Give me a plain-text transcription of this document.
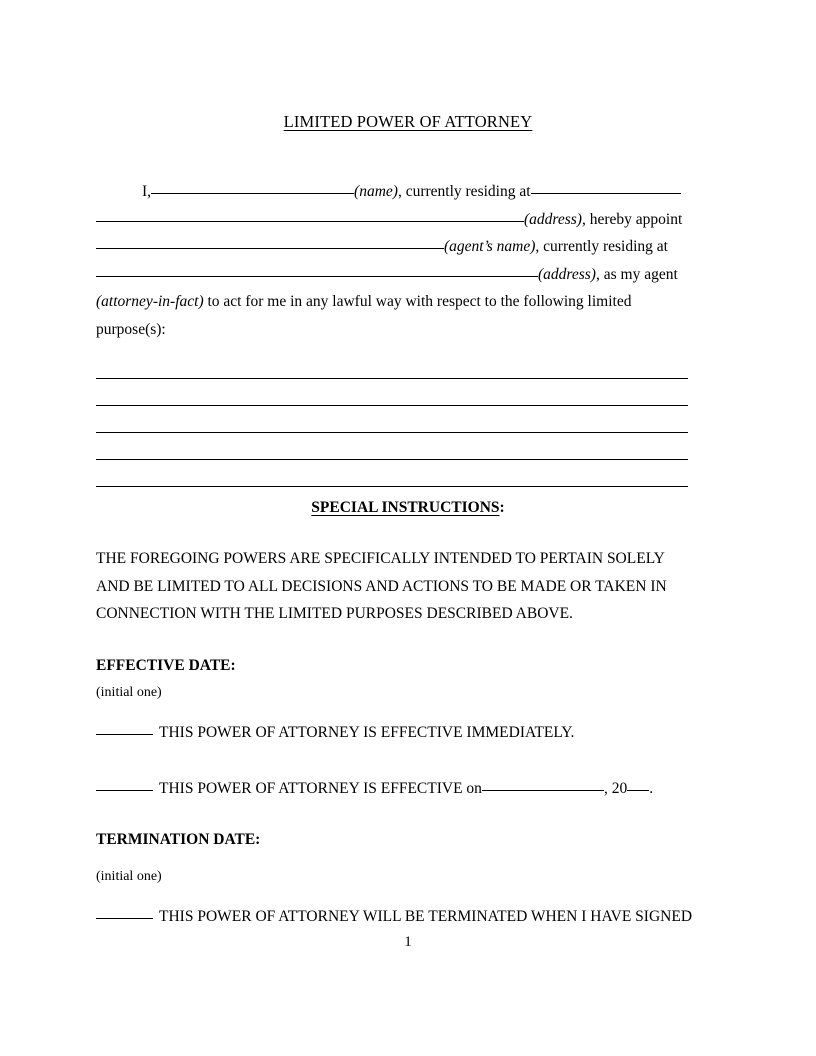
LIMITED POWER OF ATTORNEY
I,	(name), currently residing at
(address), hereby appoint
(agent’s name), currently residing at
(address), as my agent
(attorney-in-fact) to act for me in any lawful way with respect to the following limited
purpose(s):
SPECIAL INSTRUCTIONS:
THE FOREGOING POWERS ARE SPECIFICALLY INTENDED TO PERTAIN SOLELY
AND BE LIMITED TO ALL DECISIONS AND ACTIONS TO BE MADE OR TAKEN IN
CONNECTION WITH THE LIMITED PURPOSES DESCRIBED ABOVE.
EFFECTIVE DATE:
(initial one)
THIS POWER OF ATTORNEY IS EFFECTIVE IMMEDIATELY.
THIS POWER OF ATTORNEY IS EFFECTIVE on	, 20 .
TERMINATION DATE:
(initial one)
THIS POWER OF ATTORNEY WILL BE TERMINATED WHEN I HAVE SIGNED
1
